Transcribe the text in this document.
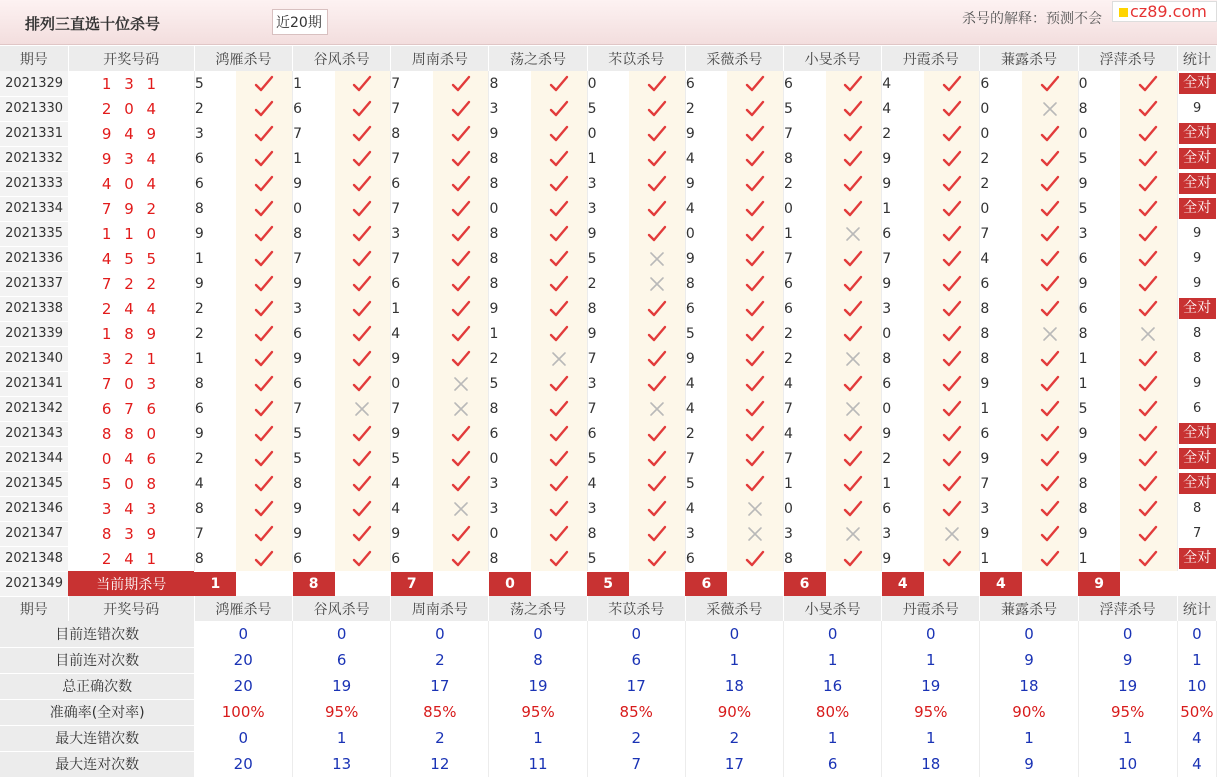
排列三直选十位杀号	近20期	杀号的解释：预测不会	cz89.com
期号	开奖号码	鸿雁杀号		谷风杀号		周南杀号		荡之杀号		芣苡杀号		采薇杀号		小旻杀号		丹霞杀号		蒹露杀号		浮萍杀号		统计
2021329	1 3 1	5		1		7		8		0		6		6		4		6		0		全对

2021330	2 0 4	2		6		7		3		5		2		5		4		0		8		9
2021331	9 4 9	3		7		8		9		0		9		7		2		0		0		全对

2021332	9 3 4	6		1		7		8		1		4		8		9		2		5		全对

2021333	4 0 4	6		9		6		8		3		9		2		9		2		9		全对

2021334	7 9 2	8		0		7		0		3		4		0		1		0		5		全对

2021335	1 1 0	9		8		3		8		9		0		1		6		7		3		9
2021336	4 5 5	1		7		7		8		5		9		7		7		4		6		9
2021337	7 2 2	9		9		6		8		2		8		6		9		6		9		9
2021338	2 4 4	2		3		1		9		8		6		6		3		8		6		全对

2021339	1 8 9	2		6		4		1		9		5		2		0		8		8		8
2021340	3 2 1	1		9		9		2		7		9		2		8		8		1		8
2021341	7 0 3	8		6		0		5		3		4		4		6		9		1		9
2021342	6 7 6	6		7		7		8		7		4		7		0		1		5		6
2021343	8 8 0	9		5		9		6		6		2		4		9		6		9		全对

2021344	0 4 6	2		5		5		0		5		7		7		2		9		9		全对

2021345	5 0 8	4		8		4		3		4		5		1		1		7		8		全对

2021346	3 4 3	8		9		4		3		3		4		0		6		3		8		8
2021347	8 3 9	7		9		9		0		8		3		3		3		9		9		7
2021348	2 4 1	8		6		6		8		5		6		8		9		1		1		全对

2021349	当前期杀号	1		8		7		0		5		6		6		4		4		9		
期号	开奖号码	鸿雁杀号		谷风杀号		周南杀号		荡之杀号		芣苡杀号		采薇杀号		小旻杀号		丹霞杀号		蒹露杀号		浮萍杀号		统计
目前连错次数		0		0		0		0		0		0		0		0		0		0		0
目前连对次数		20		6		2		8		6		1		1		1		9		9		1
总正确次数		20		19		17		19		17		18		16		19		18		19		10
准确率(全对率)		100%		95%		85%		95%		85%		90%		80%		95%		90%		95%		50%
最大连错次数		0		1		2		1		2		2		1		1		1		1		4
最大连对次数		20		13		12		11		7		17		6		18		9		10		4
